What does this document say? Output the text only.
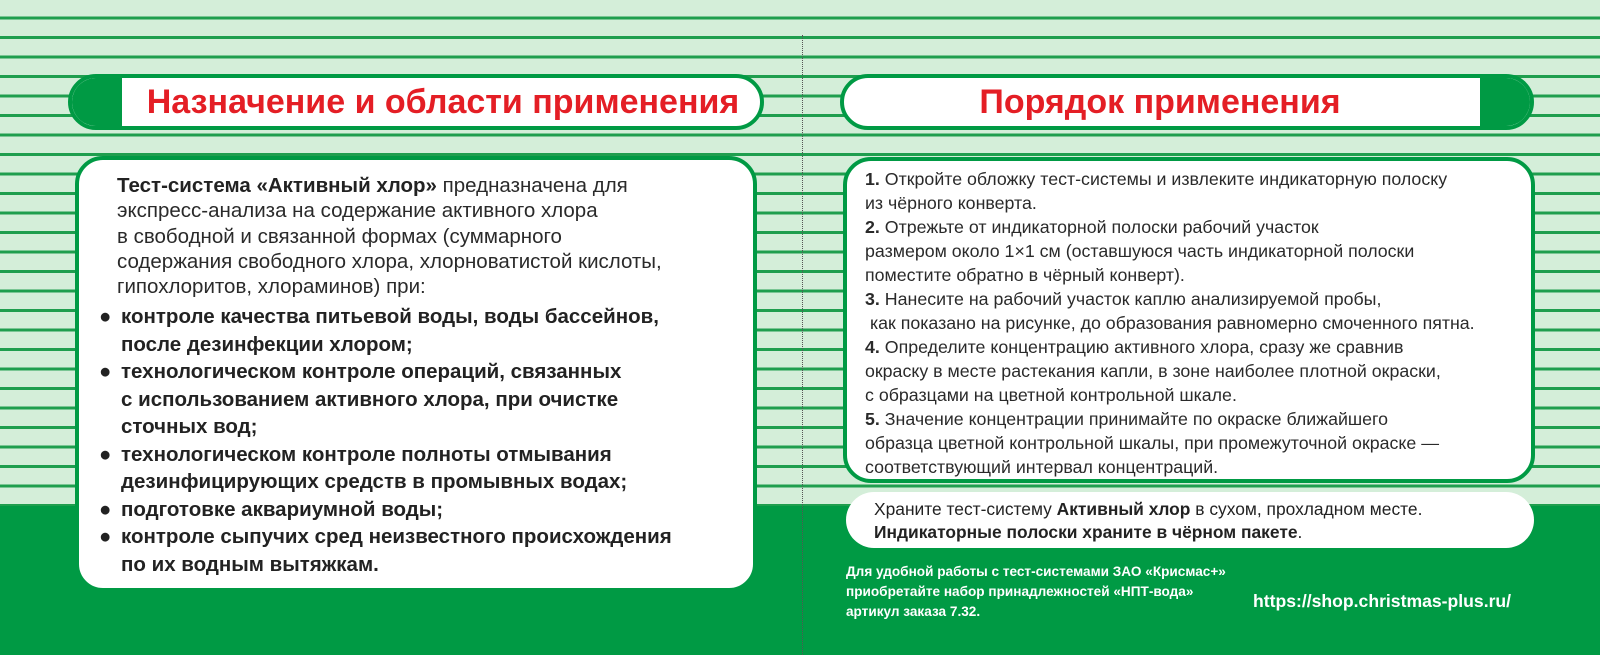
Назначение и области применения	Порядок применения
Тест-система «Активный хлор» предназначена для
экспресс-анализа на содержание активного хлора
в свободной и связанной формах (суммарного
содержания свободного хлора, хлорноватистой кислоты,
гипохлоритов, хлораминов) при:
● контроле качества питьевой воды, воды бассейнов,
после дезинфекции хлором;
● технологическом контроле операций, связанных
с использованием активного хлора, при очистке
сточных вод;
● технологическом контроле полноты отмывания
дезинфицирующих средств в промывных водах;
● подготовке аквариумной воды;
● контроле сыпучих сред неизвестного происхождения
по их водным вытяжкам.

1. Откройте обложку тест-системы и извлеките индикаторную полоску
из чёрного конверта.

2. Отрежьте от индикаторной полоски рабочий участок
размером около 1×1 см (оставшуюся часть индикаторной полоски
поместите обратно в чёрный конверт).

3. Нанесите на рабочий участок каплю анализируемой пробы,
как показано на рисунке, до образования равномерно смоченного пятна.

4. Определите концентрацию активного хлора, сразу же сравнив
окраску в месте растекания капли, в зоне наиболее плотной окраски,
с образцами на цветной контрольной шкале.

5. Значение концентрации принимайте по окраске ближайшего
образца цветной контрольной шкалы, при промежуточной окраске —
соответствующий интервал концентраций.

Храните тест-систему Активный хлор в сухом, прохладном месте.
Индикаторные полоски храните в чёрном пакете.
Для удобной работы с тест-системами ЗАО «Крисмас+»
приобретайте набор принадлежностей «НПТ-вода»
артикул заказа 7.32.
https://shop.christmas-plus.ru/
